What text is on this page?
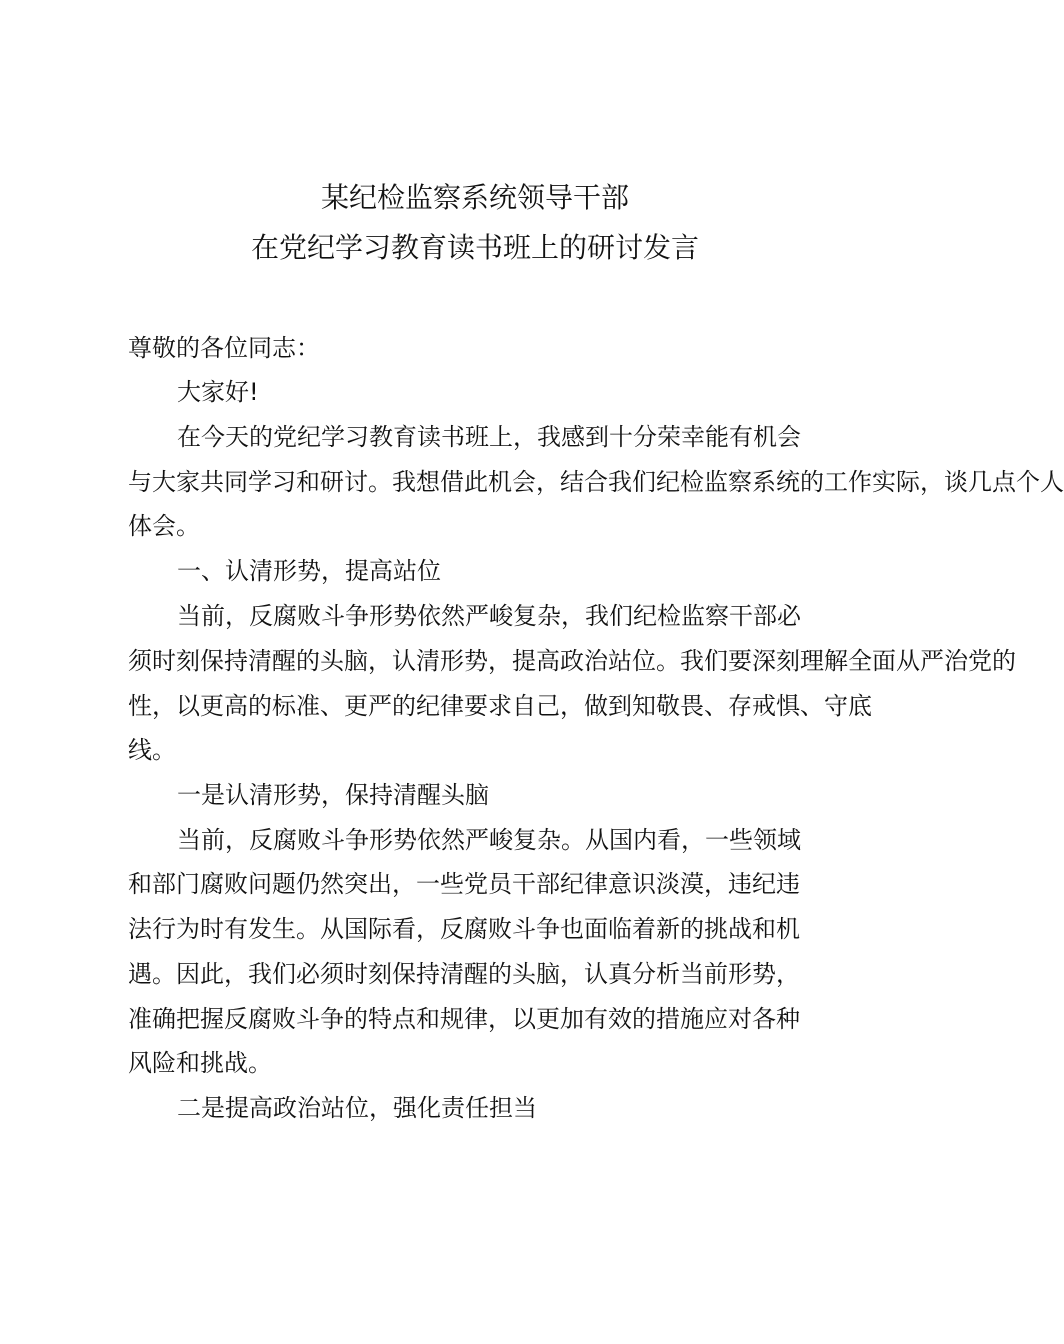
某纪检监察系统领导干部
在党纪学习教育读书班上的研讨发言
尊敬的各位同志：
大家好!
在今天的党纪学习教育读书班上，我感到十分荣幸能有机会
与大家共同学习和研讨。我想借此机会，结合我们纪检监察系统的工作实际，谈几点个人
体会。
一、认清形势，提高站位
当前，反腐败斗争形势依然严峻复杂，我们纪检监察干部必
须时刻保持清醒的头脑，认清形势，提高政治站位。我们要深刻理解全面从严治党的
性，以更高的标准、更严的纪律要求自己，做到知敬畏、存戒惧、守底
线。
一是认清形势，保持清醒头脑
当前，反腐败斗争形势依然严峻复杂。从国内看，一些领域
和部门腐败问题仍然突出，一些党员干部纪律意识淡漠，违纪违
法行为时有发生。从国际看，反腐败斗争也面临着新的挑战和机
遇。因此，我们必须时刻保持清醒的头脑，认真分析当前形势，
准确把握反腐败斗争的特点和规律，以更加有效的措施应对各种
风险和挑战。
二是提高政治站位，强化责任担当
